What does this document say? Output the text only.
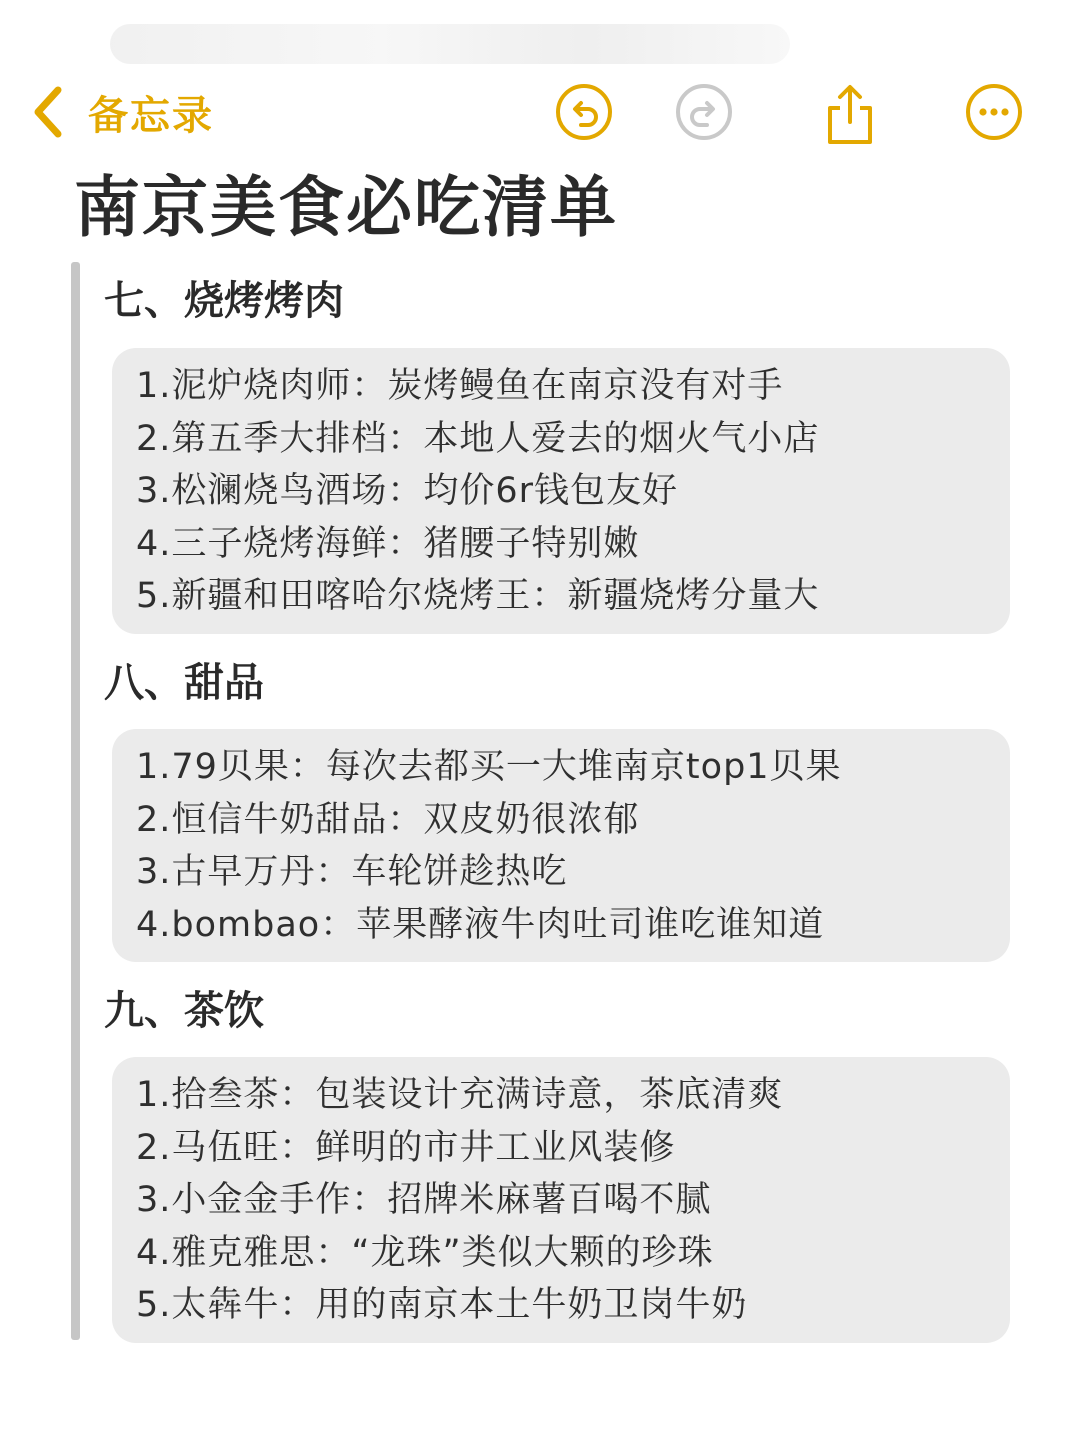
备忘录
南京美食必吃清单
七、烧烤烤肉
1.泥炉烧肉师：炭烤鳗鱼在南京没有对手
2.第五季大排档：本地人爱去的烟火气小店
3.松澜烧鸟酒场：均价6r钱包友好
4.三子烧烤海鲜：猪腰子特别嫩
5.新疆和田喀哈尔烧烤王：新疆烧烤分量大
八、甜品
1.79贝果：每次去都买一大堆南京top1贝果
2.恒信牛奶甜品：双皮奶很浓郁
3.古早万丹：车轮饼趁热吃
4.bombao：苹果酵液牛肉吐司谁吃谁知道
九、茶饮
1.拾叁茶：包装设计充满诗意，茶底清爽
2.马伍旺：鲜明的市井工业风装修
3.小金金手作：招牌米麻薯百喝不腻
4.雅克雅思：“龙珠”类似大颗的珍珠
5.太犇牛：用的南京本土牛奶卫岗牛奶
